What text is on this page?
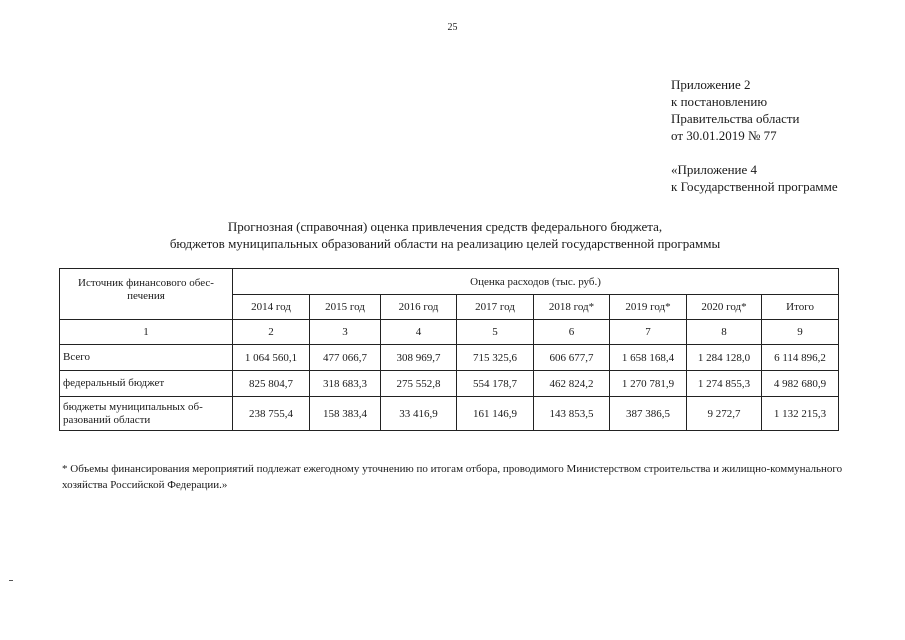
25
Приложение 2
к постановлению
Правительства области
от 30.01.2019 № 77
«Приложение 4
к Государственной программе
Прогнозная (справочная) оценка привлечения средств федерального бюджета,
бюджетов муниципальных образований области на реализацию целей государственной программы
Источник финансового обес-печения	Оценка расходов (тыс. руб.)							
	2014 год	2015 год	2016 год	2017 год	2018 год*	2019 год*	2020 год*	Итого
1	2	3	4	5	6	7	8	9
Всего	1 064 560,1	477 066,7	308 969,7	715 325,6	606 677,7	1 658 168,4	1 284 128,0	6 114 896,2
федеральный бюджет	825 804,7	318 683,3	275 552,8	554 178,7	462 824,2	1 270 781,9	1 274 855,3	4 982 680,9
бюджеты муниципальных об-разований области	238 755,4	158 383,4	33 416,9	161 146,9	143 853,5	387 386,5	9 272,7	1 132 215,3
* Объемы финансирования мероприятий подлежат ежегодному уточнению по итогам отбора, проводимого Министерством строительства и жилищно-коммунального хозяйства Российской Федерации.»
